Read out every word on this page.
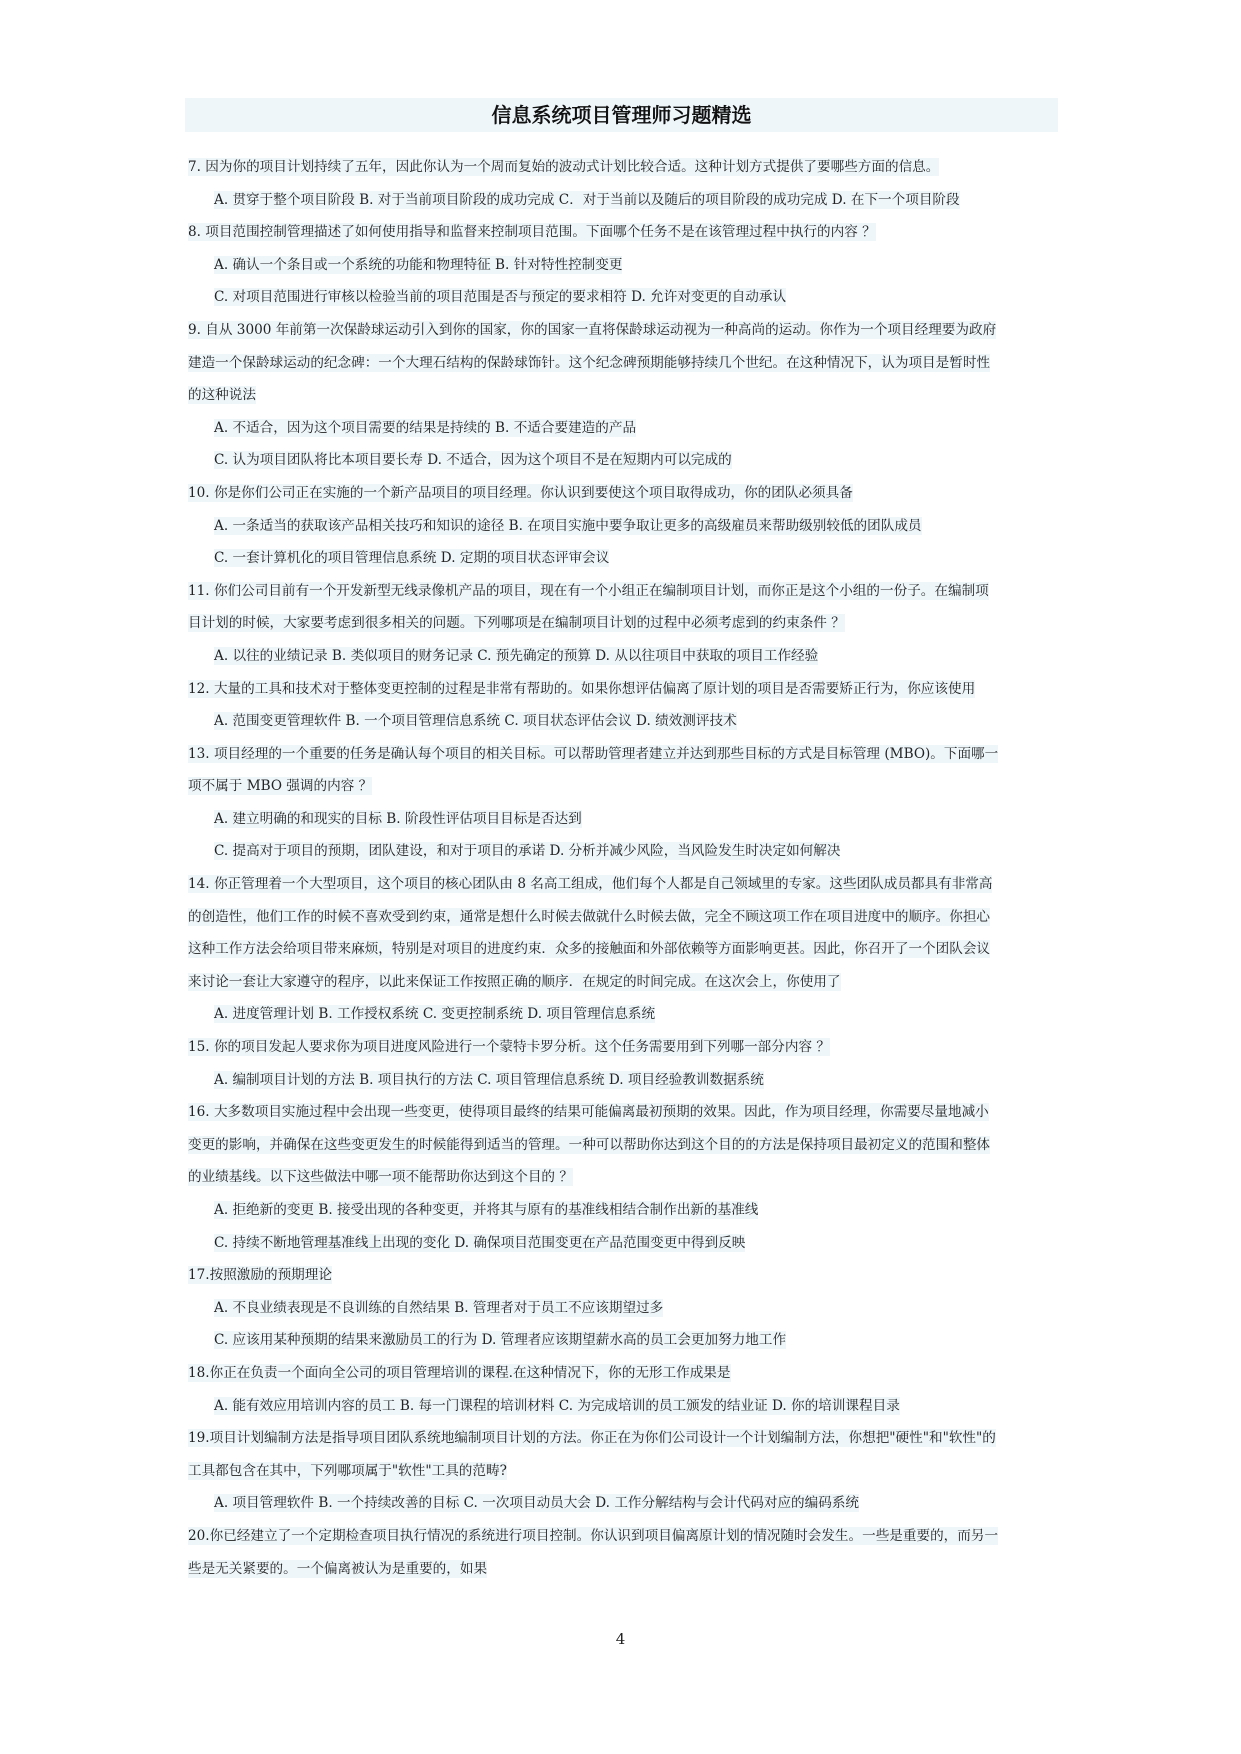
信息系统项目管理师习题精选
7. 因为你的项目计划持续了五年，因此你认为一个周而复始的波动式计划比较合适。这种计划方式提供了要哪些方面的信息。
A. 贯穿于整个项目阶段 B. 对于当前项目阶段的成功完成 C．对于当前以及随后的项目阶段的成功完成 D. 在下一个项目阶段
8. 项目范围控制管理描述了如何使用指导和监督来控制项目范围。下面哪个任务不是在该管理过程中执行的内容 ？
A. 确认一个条目或一个系统的功能和物理特征 B. 针对特性控制变更
C. 对项目范围进行审核以检验当前的项目范围是否与预定的要求相符 D. 允许对变更的自动承认
9. 自从 3000 年前第一次保龄球运动引入到你的国家，你的国家一直将保龄球运动视为一种高尚的运动。你作为一个项目经理要为政府
建造一个保龄球运动的纪念碑：一个大理石结构的保龄球饰针。这个纪念碑预期能够持续几个世纪。在这种情况下，认为项目是暂时性
的这种说法
A. 不适合，因为这个项目需要的结果是持续的 B. 不适合要建造的产品
C. 认为项目团队将比本项目要长寿 D. 不适合，因为这个项目不是在短期内可以完成的
10. 你是你们公司正在实施的一个新产品项目的项目经理。你认识到要使这个项目取得成功，你的团队必须具备
A. 一条适当的获取该产品相关技巧和知识的途径 B. 在项目实施中要争取让更多的高级雇员来帮助级别较低的团队成员
C. 一套计算机化的项目管理信息系统 D. 定期的项目状态评审会议
11. 你们公司目前有一个开发新型无线录像机产品的项目，现在有一个小组正在编制项目计划，而你正是这个小组的一份子。在编制项
目计划的时候，大家要考虑到很多相关的问题。下列哪项是在编制项目计划的过程中必须考虑到的约束条件 ？
A. 以往的业绩记录 B. 类似项目的财务记录 C. 预先确定的预算 D. 从以往项目中获取的项目工作经验
12. 大量的工具和技术对于整体变更控制的过程是非常有帮助的。如果你想评估偏离了原计划的项目是否需要矫正行为，你应该使用
A. 范围变更管理软件 B. 一个项目管理信息系统 C. 项目状态评估会议 D. 绩效测评技术
13. 项目经理的一个重要的任务是确认每个项目的相关目标。可以帮助管理者建立并达到那些目标的方式是目标管理 (MBO)。下面哪一
项不属于 MBO 强调的内容 ？
A. 建立明确的和现实的目标 B. 阶段性评估项目目标是否达到
C. 提高对于项目的预期，团队建设，和对于项目的承诺 D. 分析并减少风险，当风险发生时决定如何解决
14. 你正管理着一个大型项目，这个项目的核心团队由 8 名高工组成，他们每个人都是自己领域里的专家。这些团队成员都具有非常高
的创造性，他们工作的时候不喜欢受到约束，通常是想什么时候去做就什么时候去做，完全不顾这项工作在项目进度中的顺序。你担心
这种工作方法会给项目带来麻烦，特别是对项目的进度约束．众多的接触面和外部依赖等方面影响更甚。因此，你召开了一个团队会议
来讨论一套让大家遵守的程序，以此来保证工作按照正确的顺序．在规定的时间完成。在这次会上，你使用了
A. 进度管理计划 B. 工作授权系统 C. 变更控制系统 D. 项目管理信息系统
15. 你的项目发起人要求你为项目进度风险进行一个蒙特卡罗分析。这个任务需要用到下列哪一部分内容 ？
A. 编制项目计划的方法 B. 项目执行的方法 C. 项目管理信息系统 D. 项目经验教训数据系统
16. 大多数项目实施过程中会出现一些变更，使得项目最终的结果可能偏离最初预期的效果。因此，作为项目经理，你需要尽量地减小
变更的影响，并确保在这些变更发生的时候能得到适当的管理。一种可以帮助你达到这个目的的方法是保持项目最初定义的范围和整体
的业绩基线。以下这些做法中哪一项不能帮助你达到这个目的 ？
A. 拒绝新的变更 B. 接受出现的各种变更，并将其与原有的基准线相结合制作出新的基准线
C. 持续不断地管理基准线上出现的变化 D. 确保项目范围变更在产品范围变更中得到反映
17.按照激励的预期理论
A. 不良业绩表现是不良训练的自然结果 B. 管理者对于员工不应该期望过多
C. 应该用某种预期的结果来激励员工的行为 D. 管理者应该期望薪水高的员工会更加努力地工作
18.你正在负责一个面向全公司的项目管理培训的课程.在这种情况下，你的无形工作成果是
A. 能有效应用培训内容的员工 B. 每一门课程的培训材料 C. 为完成培训的员工颁发的结业证 D. 你的培训课程目录
19.项目计划编制方法是指导项目团队系统地编制项目计划的方法。你正在为你们公司设计一个计划编制方法，你想把"硬性"和"软性"的
工具都包含在其中，下列哪项属于"软性"工具的范畴?
A. 项目管理软件 B. 一个持续改善的目标 C. 一次项目动员大会 D. 工作分解结构与会计代码对应的编码系统
20.你已经建立了一个定期检查项目执行情况的系统进行项目控制。你认识到项目偏离原计划的情况随时会发生。一些是重要的，而另一
些是无关紧要的。一个偏离被认为是重要的，如果
4
